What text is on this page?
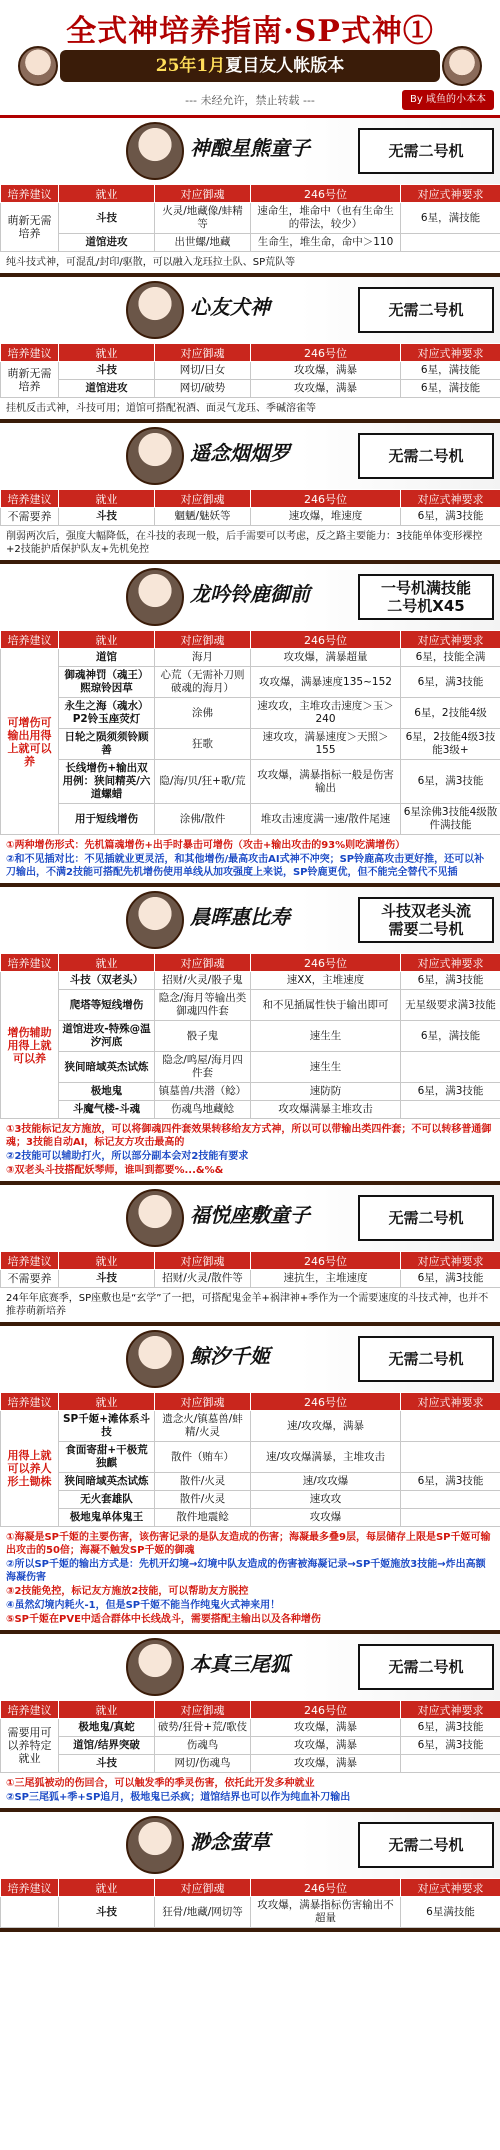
全式神培养指南·SP式神①
25年1月夏目友人帐版本
--- 未经允许，禁止转载 ---	By 咸鱼的小本本
神酿星熊童子	无需二号机
培养建议	就业	对应御魂	246号位	对应式神要求
萌新无需培养	斗技	火灵/地藏像/蚌精等	速命生，堆命中（也有生命生的带法，较少）	6星，满技能
	道馆进攻	出世螺/地藏	生命生，堆生命，命中＞110	

纯斗技式神，可混乱/封印/驱散，可以融入龙珏拉土队、SP荒队等

心友犬神	无需二号机
培养建议	就业	对应御魂	246号位	对应式神要求
萌新无需培养	斗技	网切/日女	攻攻爆，满暴	6星，满技能
	道馆进攻	网切/破势	攻攻爆，满暴	6星，满技能

挂机反击式神，斗技可用；道馆可搭配祝酒、面灵气龙珏、季碱溶雀等

遥念烟烟罗	无需二号机
培养建议	就业	对应御魂	246号位	对应式神要求
不需要养	斗技	魍魉/魅妖等	速攻爆，堆速度	6星，满3技能

削弱两次后，强度大幅降低，在斗技的表现一般，后手需要可以考虑，反之路主要能力：3技能单体变形裸控+2技能护盾保护队友+先机免控

龙吟铃鹿御前	一号机满技能
二号机X45
培养建议	就业	对应御魂	246号位	对应式神要求
可增伤可输出用得上就可以养	道馆	海月	攻攻爆，满暴超量	6星，技能全满
	御魂神罚（魂王）熙琼铃因草	心荒（无需补刀则破魂的海月）	攻攻爆，满暴速度135~152	6星，满3技能
	永生之海（魂水）P2铃玉座荧灯	涂佛	速攻攻，主堆攻击速度＞玉＞240	6星，2技能4级
	日轮之陨须须铃顾善	狂歌	速攻攻，满暴速度＞天照＞155	6星，2技能4级3技能3级+
	长线增伤+输出双用例：狭间精英/六道螺蜡	隐/海/贝/狂+歌/荒	攻攻爆，满暴指标一般是伤害输出	6星，满3技能
	用于短线增伤	涂佛/散件	堆攻击速度满一速/散件尾速	6星涂佛3技能4级散件满技能

①两种增伤形式：先机篇魂增伤+出手时暴击可增伤（攻击+输出攻击的93%则吃满增伤）

②和不见插对比：不见插就业更灵活，和其他增伤/最高攻击AI式神不冲突；SP铃鹿高攻击更好推，还可以补刀输出，不满2技能可搭配先机增伤使用单线从加攻强度上来说，SP铃鹿更优，但不能完全替代不见插

晨晖惠比寿	斗技双老头流
需要二号机
培养建议	就业	对应御魂	246号位	对应式神要求
增伤辅助用得上就可以养	斗技（双老头）	招财/火灵/骰子鬼	速XX，主堆速度	6星，满3技能
	爬塔等短线增伤	隐念/海月等输出类御魂四件套	和不见插属性快于输出即可	无星级要求满3技能
	道馆进攻-特殊@温汐河底	骰子鬼	速生生	6星，满技能
	狭间暗域英杰试炼	隐念/鸣屋/海月四件套	速生生	
	极地鬼	镇墓兽/共潜（鲶）	速防防	6星，满3技能
	斗魔气楼-斗魂	伤魂鸟地藏鲶	攻攻爆满暴主堆攻击	

①3技能标记友方施放，可以将御魂四件套效果转移给友方式神，所以可以带输出类四件套；不可以转移普通御魂；3技能自动AI，标记友方攻击最高的

②2技能可以辅助打火，所以部分副本会对2技能有要求

③双老头斗技搭配妖琴师，谁叫到都要%...&%&

福悦座敷童子	无需二号机
培养建议	就业	对应御魂	246号位	对应式神要求
不需要养	斗技	招财/火灵/散件等	速抗生，主堆速度	6星，满3技能

24年年底赛季，SP座敷也是“玄学”了一把，可搭配鬼金羊+祸津神+季作为一个需要速度的斗技式神，也并不推荐萌新培养

鲸汐千姬	无需二号机
培养建议	就业	对应御魂	246号位	对应式神要求
用得上就可以养人形土锄株	SP千姬+滩体系斗技	遗念火/镇墓兽/蚌精/火灵	速/攻攻爆，满暴	
	食面寄甜+干极荒独麒	散件（贿车）	速/攻攻爆满暴，主堆攻击	
	狭间暗域英杰试炼	散件/火灵	速/攻攻爆	6星，满3技能
	无火套雄队	散件/火灵	速攻攻	
	极地鬼单体鬼王	散件地震鲶	攻攻爆	

①海凝是SP千姬的主要伤害，该伤害记录的是队友造成的伤害；海凝最多叠9层，每层储存上限是SP千姬可输出攻击的50倍；海凝不触发SP千姬的御魂

②所以SP千姬的输出方式是：先机开幻境→幻境中队友造成的伤害被海凝记录→SP千姬施放3技能→炸出高额海凝伤害

③2技能免控，标记友方施放2技能，可以帮助友方脱控

④虽然幻境内耗火-1，但是SP千姬不能当作纯鬼火式神来用！

⑤SP千姬在PVE中适合群体中长线战斗，需要搭配主输出以及各种增伤

本真三尾狐	无需二号机
培养建议	就业	对应御魂	246号位	对应式神要求
需要用可以养特定就业	极地鬼/真蛇	破势/狂骨+荒/歌伎	攻攻爆，满暴	6星，满3技能
	道馆/结界突破	伤魂鸟	攻攻爆，满暴	6星，满3技能
	斗技	网切/伤魂鸟	攻攻爆，满暴	

①三尾狐被动的伤回合，可以触发季的季灵伤害，依托此开发多种就业

②SP三尾狐+季+SP追月，极地鬼已杀疯；道馆结界也可以作为纯血补刀输出

渺念萤草	无需二号机
培养建议	就业	对应御魂	246号位	对应式神要求
	斗技	狂骨/地藏/网切等	攻攻爆，满暴指标伤害输出不超量	6星满技能
